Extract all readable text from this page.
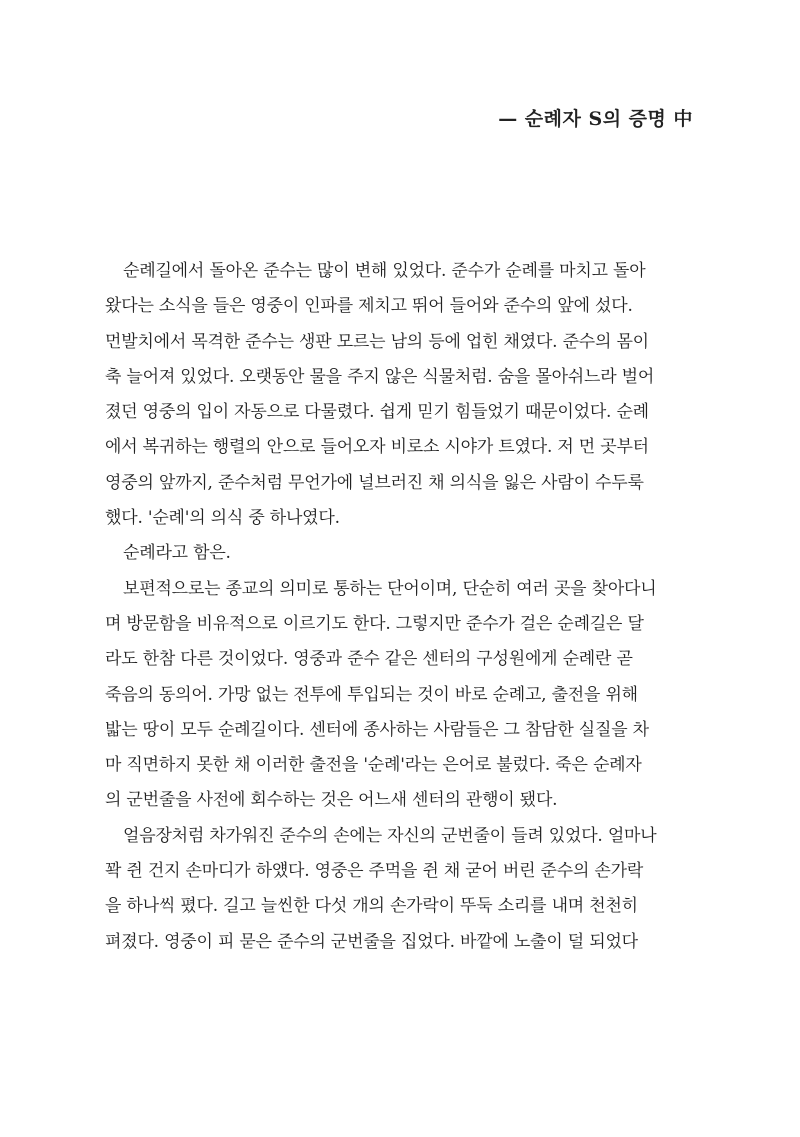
— 순례자 S의 증명 中
순례길에서 돌아온 준수는 많이 변해 있었다. 준수가 순례를 마치고 돌아
왔다는 소식을 들은 영중이 인파를 제치고 뛰어 들어와 준수의 앞에 섰다.
먼발치에서 목격한 준수는 생판 모르는 남의 등에 업힌 채였다. 준수의 몸이
축 늘어져 있었다. 오랫동안 물을 주지 않은 식물처럼. 숨을 몰아쉬느라 벌어
졌던 영중의 입이 자동으로 다물렸다. 쉽게 믿기 힘들었기 때문이었다. 순례
에서 복귀하는 행렬의 안으로 들어오자 비로소 시야가 트였다. 저 먼 곳부터
영중의 앞까지, 준수처럼 무언가에 널브러진 채 의식을 잃은 사람이 수두룩
했다. '순례'의 의식 중 하나였다.
순례라고 함은.
보편적으로는 종교의 의미로 통하는 단어이며, 단순히 여러 곳을 찾아다니
며 방문함을 비유적으로 이르기도 한다. 그렇지만 준수가 걸은 순례길은 달
라도 한참 다른 것이었다. 영중과 준수 같은 센터의 구성원에게 순례란 곧
죽음의 동의어. 가망 없는 전투에 투입되는 것이 바로 순례고, 출전을 위해
밟는 땅이 모두 순례길이다. 센터에 종사하는 사람들은 그 참담한 실질을 차
마 직면하지 못한 채 이러한 출전을 '순례'라는 은어로 불렀다. 죽은 순례자
의 군번줄을 사전에 회수하는 것은 어느새 센터의 관행이 됐다.
얼음장처럼 차가워진 준수의 손에는 자신의 군번줄이 들려 있었다. 얼마나
꽉 쥔 건지 손마디가 하얬다. 영중은 주먹을 쥔 채 굳어 버린 준수의 손가락
을 하나씩 폈다. 길고 늘씬한 다섯 개의 손가락이 뚜둑 소리를 내며 천천히
펴졌다. 영중이 피 묻은 준수의 군번줄을 집었다. 바깥에 노출이 덜 되었다
